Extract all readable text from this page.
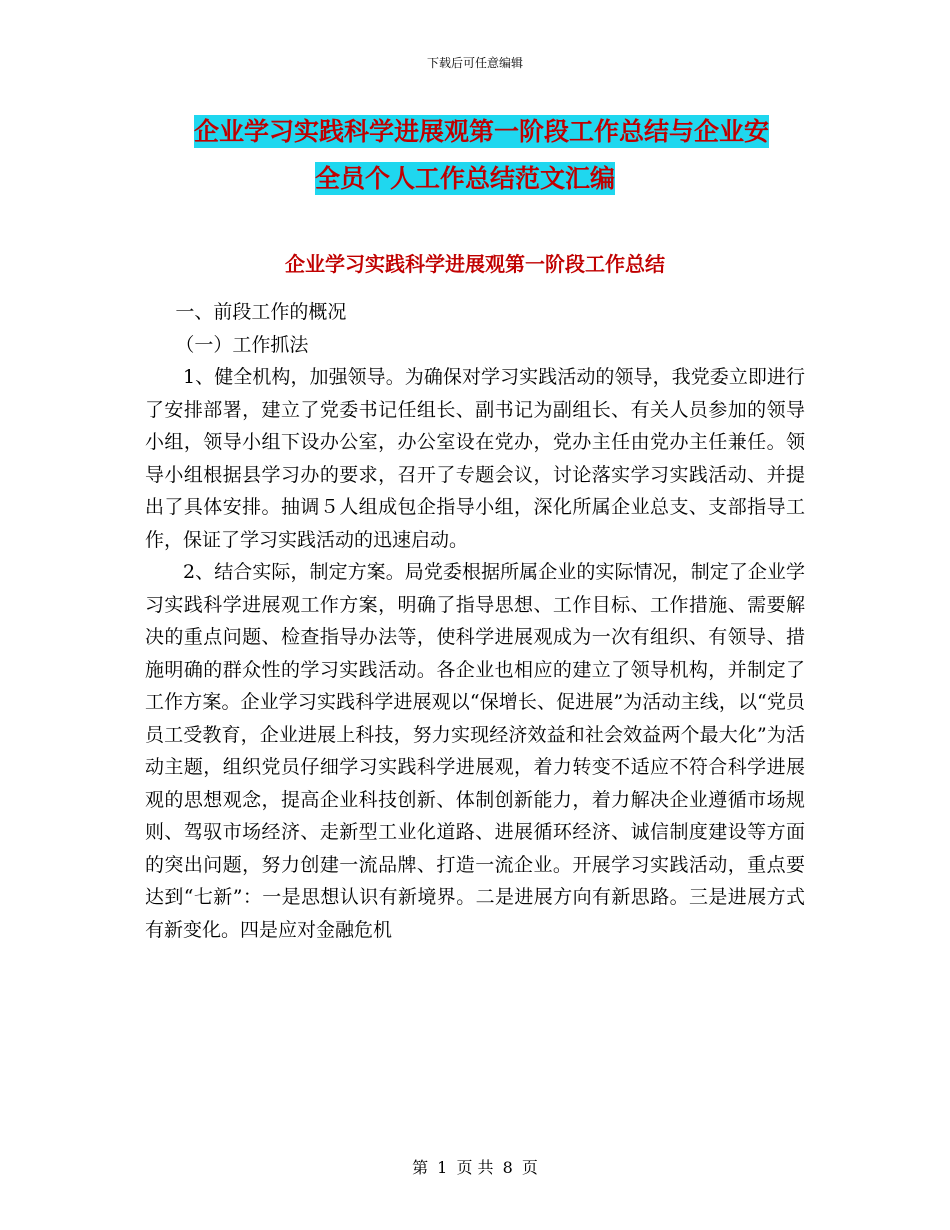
下载后可任意编辑
企业学习实践科学进展观第一阶段工作总结与企业安
全员个人工作总结范文汇编
企业学习实践科学进展观第一阶段工作总结

一、前段工作的概况

（一）工作抓法

1、健全机构，加强领导。为确保对学习实践活动的领导，我党委立即进行了安排部署，建立了党委书记任组长、副书记为副组长、有关人员参加的领导小组，领导小组下设办公室，办公室设在党办，党办主任由党办主任兼任。领导小组根据县学习办的要求，召开了专题会议，讨论落实学习实践活动、并提出了具体安排。抽调５人组成包企指导小组，深化所属企业总支、支部指导工作，保证了学习实践活动的迅速启动。

2、结合实际，制定方案。局党委根据所属企业的实际情况，制定了企业学习实践科学进展观工作方案，明确了指导思想、工作目标、工作措施、需要解决的重点问题、检查指导办法等，使科学进展观成为一次有组织、有领导、措施明确的群众性的学习实践活动。各企业也相应的建立了领导机构，并制定了工作方案。企业学习实践科学进展观以“保增长、促进展”为活动主线，以“党员员工受教育，企业进展上科技，努力实现经济效益和社会效益两个最大化”为活动主题，组织党员仔细学习实践科学进展观，着力转变不适应不符合科学进展观的思想观念，提高企业科技创新、体制创新能力，着力解决企业遵循市场规则、驾驭市场经济、走新型工业化道路、进展循环经济、诚信制度建设等方面的突出问题，努力创建一流品牌、打造一流企业。开展学习实践活动，重点要达到“七新”：一是思想认识有新境界。二是进展方向有新思路。三是进展方式有新变化。四是应对金融危机

第 1 页 共 8 页
